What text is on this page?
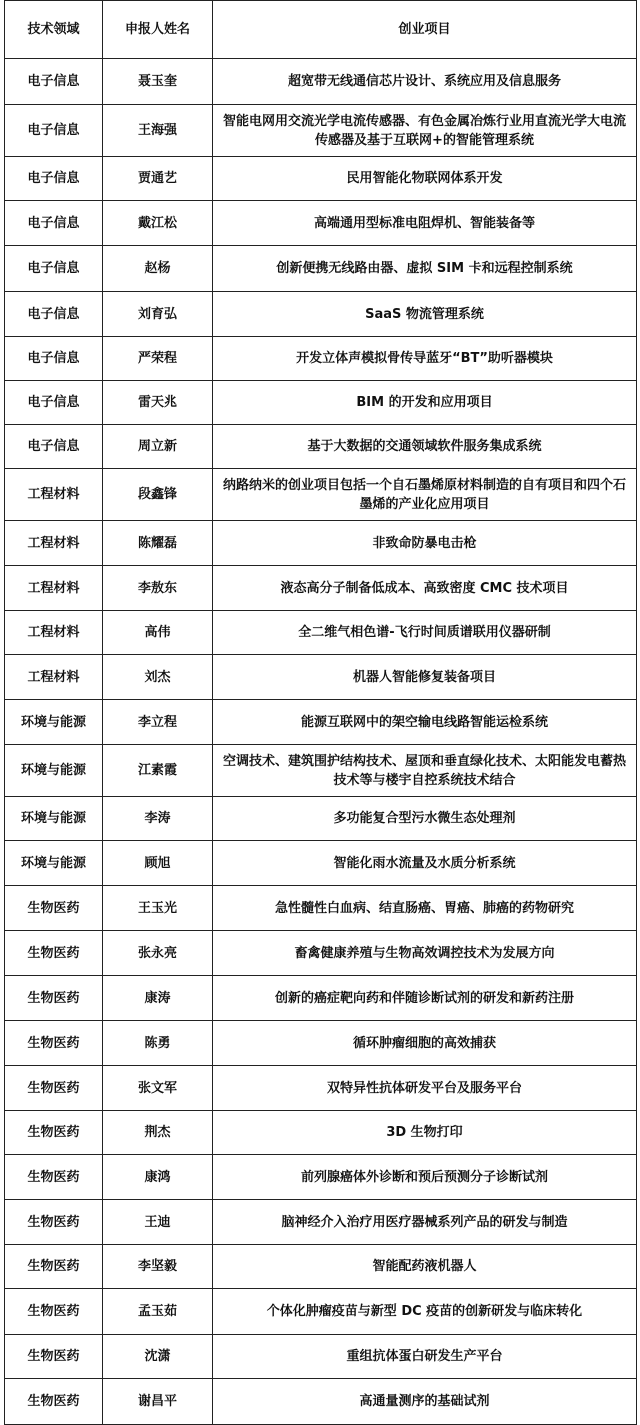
技术领域	申报人姓名	创业项目
电子信息	聂玉奎	超宽带无线通信芯片设计、系统应用及信息服务
电子信息	王海强	智能电网用交流光学电流传感器、有色金属冶炼行业用直流光学大电流传感器及基于互联网+的智能管理系统
电子信息	贾通艺	民用智能化物联网体系开发
电子信息	戴江松	高端通用型标准电阻焊机、智能装备等
电子信息	赵杨	创新便携无线路由器、虚拟 SIM 卡和远程控制系统
电子信息	刘育弘	SaaS 物流管理系统
电子信息	严荣程	开发立体声模拟骨传导蓝牙“BT”助听器模块
电子信息	雷天兆	BIM 的开发和应用项目
电子信息	周立新	基于大数据的交通领域软件服务集成系统
工程材料	段鑫锋	纳路纳米的创业项目包括一个自石墨烯原材料制造的自有项目和四个石墨烯的产业化应用项目
工程材料	陈耀磊	非致命防暴电击枪
工程材料	李敖东	液态高分子制备低成本、高致密度 CMC 技术项目
工程材料	高伟	全二维气相色谱-飞行时间质谱联用仪器研制
工程材料	刘杰	机器人智能修复装备项目
环境与能源	李立程	能源互联网中的架空输电线路智能运检系统
环境与能源	江素霞	空调技术、建筑围护结构技术、屋顶和垂直绿化技术、太阳能发电蓄热技术等与楼宇自控系统技术结合
环境与能源	李涛	多功能复合型污水微生态处理剂
环境与能源	顾旭	智能化雨水流量及水质分析系统
生物医药	王玉光	急性髓性白血病、结直肠癌、胃癌、肺癌的药物研究
生物医药	张永亮	畜禽健康养殖与生物高效调控技术为发展方向
生物医药	康涛	创新的癌症靶向药和伴随诊断试剂的研发和新药注册
生物医药	陈勇	循环肿瘤细胞的高效捕获
生物医药	张文军	双特异性抗体研发平台及服务平台
生物医药	荆杰	3D 生物打印
生物医药	康鸿	前列腺癌体外诊断和预后预测分子诊断试剂
生物医药	王迪	脑神经介入治疗用医疗器械系列产品的研发与制造
生物医药	李坚毅	智能配药液机器人
生物医药	孟玉茹	个体化肿瘤疫苗与新型 DC 疫苗的创新研发与临床转化
生物医药	沈潇	重组抗体蛋白研发生产平台
生物医药	谢昌平	高通量测序的基础试剂
